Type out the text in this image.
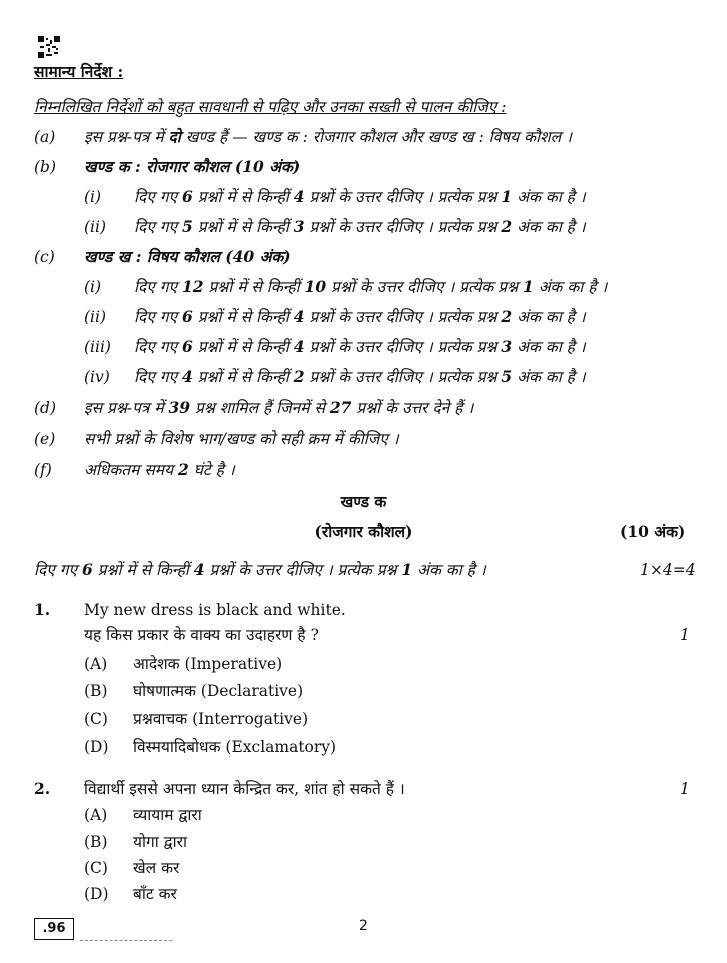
सामान्य निर्देश :
निम्नलिखित निर्देशों को बहुत सावधानी से पढ़िए और उनका सख्ती से पालन कीजिए :
(a) इस प्रश्न-पत्र में दो खण्ड हैं — खण्ड क : रोजगार कौशल और खण्ड ख : विषय कौशल ।
(b) खण्ड क : रोजगार कौशल (10 अंक)
(i) दिए गए 6 प्रश्नों में से किन्हीं 4 प्रश्नों के उत्तर दीजिए । प्रत्येक प्रश्न 1 अंक का है ।
(ii) दिए गए 5 प्रश्नों में से किन्हीं 3 प्रश्नों के उत्तर दीजिए । प्रत्येक प्रश्न 2 अंक का है ।
(c) खण्ड ख : विषय कौशल (40 अंक)
(i) दिए गए 12 प्रश्नों में से किन्हीं 10 प्रश्नों के उत्तर दीजिए । प्रत्येक प्रश्न 1 अंक का है ।
(ii) दिए गए 6 प्रश्नों में से किन्हीं 4 प्रश्नों के उत्तर दीजिए । प्रत्येक प्रश्न 2 अंक का है ।
(iii) दिए गए 6 प्रश्नों में से किन्हीं 4 प्रश्नों के उत्तर दीजिए । प्रत्येक प्रश्न 3 अंक का है ।
(iv) दिए गए 4 प्रश्नों में से किन्हीं 2 प्रश्नों के उत्तर दीजिए । प्रत्येक प्रश्न 5 अंक का है ।
(d) इस प्रश्न-पत्र में 39 प्रश्न शामिल हैं जिनमें से 27 प्रश्नों के उत्तर देने हैं ।
(e) सभी प्रश्नों के विशेष भाग/खण्ड को सही क्रम में कीजिए ।
(f) अधिकतम समय 2 घंटे है ।
खण्ड क
(रोजगार कौशल)	(10 अंक)
दिए गए 6 प्रश्नों में से किन्हीं 4 प्रश्नों के उत्तर दीजिए । प्रत्येक प्रश्न 1 अंक का है ।	1×4=4
1. My new dress is black and white.
यह किस प्रकार के वाक्य का उदाहरण है ?	1
(A) आदेशक (Imperative)
(B) घोषणात्मक (Declarative)
(C) प्रश्नवाचक (Interrogative)
(D) विस्मयादिबोधक (Exclamatory)
2. विद्यार्थी इससे अपना ध्यान केन्द्रित कर, शांत हो सकते हैं ।	1
(A) व्यायाम द्वारा
(B) योगा द्वारा
(C) खेल कर
(D) बाँट कर
.96	2
